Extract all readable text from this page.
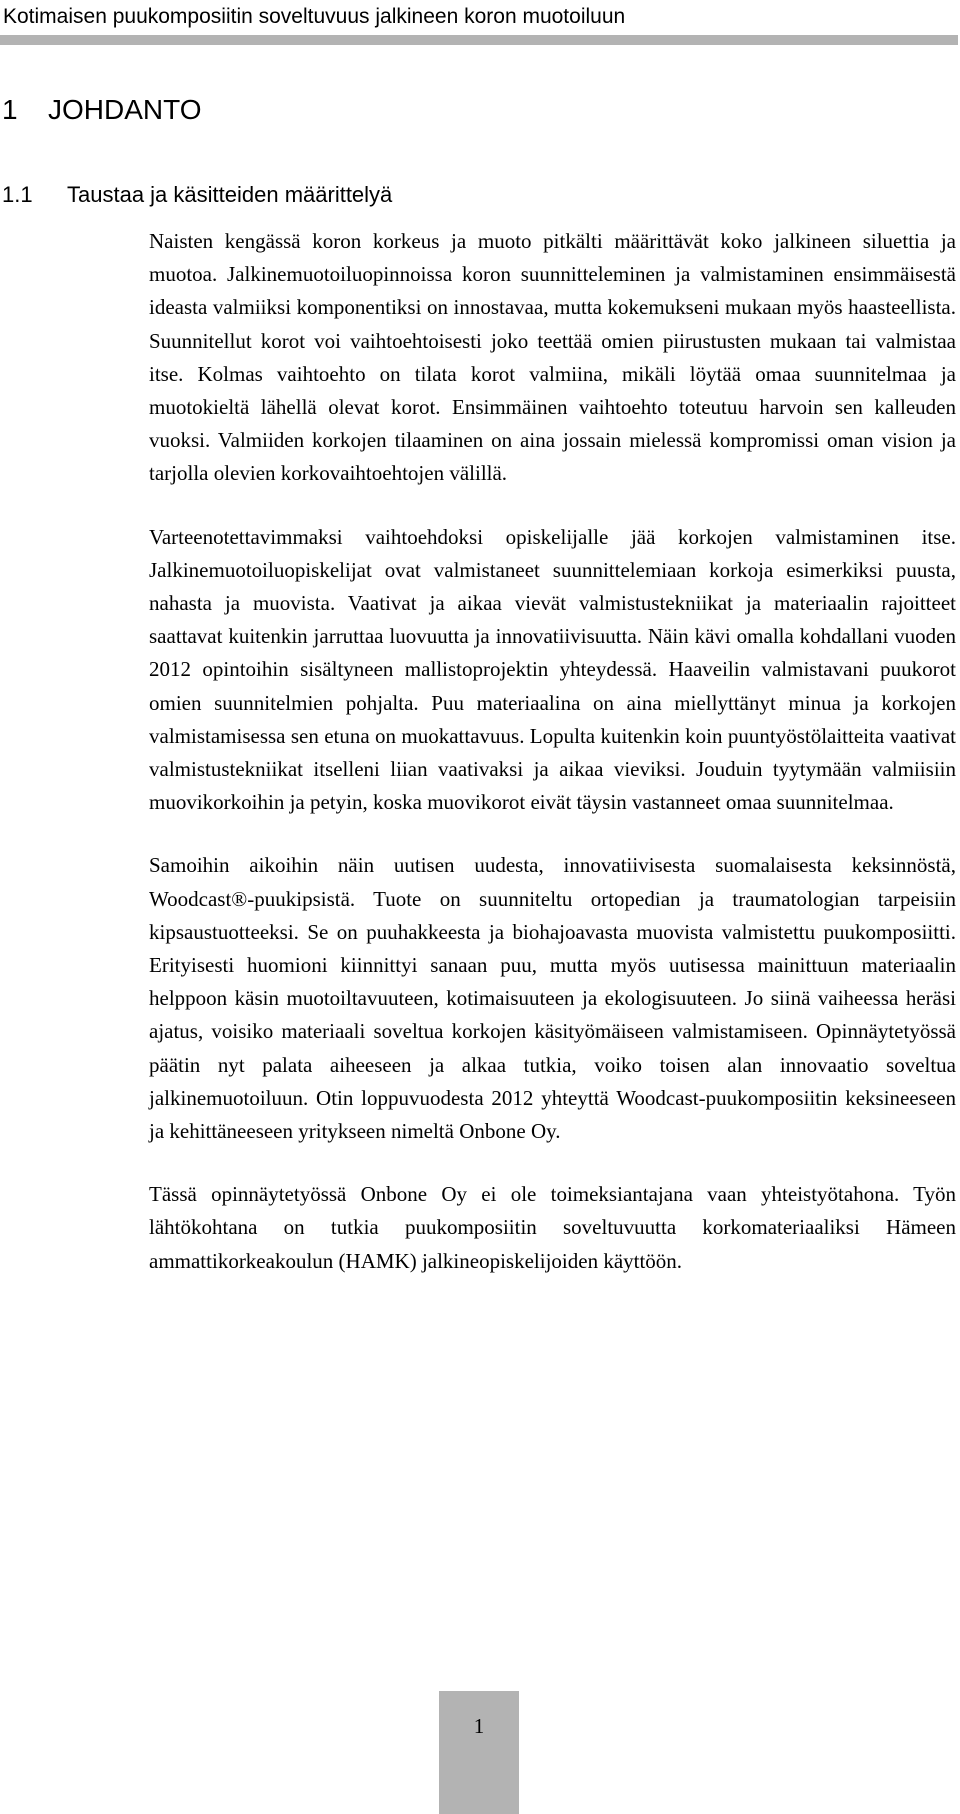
Kotimaisen puukomposiitin soveltuvuus jalkineen koron muotoiluun
1 JOHDANTO
1.1 Taustaa ja käsitteiden määrittelyä

Naisten kengässä koron korkeus ja muoto pitkälti määrittävät koko jalkineen siluettia ja muotoa. Jalkinemuotoiluopinnoissa koron suunnitteleminen ja valmistaminen ensimmäisestä ideasta valmiiksi komponentiksi on innostavaa, mutta kokemukseni mukaan myös haasteellista. Suunnitellut korot voi vaihtoehtoisesti joko teettää omien piirustusten mukaan tai valmistaa itse. Kolmas vaihtoehto on tilata korot valmiina, mikäli löytää omaa suunnitelmaa ja muotokieltä lähellä olevat korot. Ensimmäinen vaihtoehto toteutuu harvoin sen kalleuden vuoksi. Valmiiden korkojen tilaaminen on aina jossain mielessä kompromissi oman vision ja tarjolla olevien korkovaihtoehtojen välillä.

Varteenotettavimmaksi vaihtoehdoksi opiskelijalle jää korkojen valmistaminen itse. Jalkinemuotoiluopiskelijat ovat valmistaneet suunnittelemiaan korkoja esimerkiksi puusta, nahasta ja muovista. Vaativat ja aikaa vievät valmistustekniikat ja materiaalin rajoitteet saattavat kuitenkin jarruttaa luovuutta ja innovatiivisuutta. Näin kävi omalla kohdallani vuoden 2012 opintoihin sisältyneen mallistoprojektin yhteydessä. Haaveilin valmistavani puukorot omien suunnitelmien pohjalta. Puu materiaalina on aina miellyttänyt minua ja korkojen valmistamisessa sen etuna on muokattavuus. Lopulta kuitenkin koin puuntyöstölaitteita vaativat valmistustekniikat itselleni liian vaativaksi ja aikaa vieviksi. Jouduin tyytymään valmiisiin muovikorkoihin ja petyin, koska muovikorot eivät täysin vastanneet omaa suunnitelmaa.

Samoihin aikoihin näin uutisen uudesta, innovatiivisesta suomalaisesta keksinnöstä, Woodcast®-puukipsistä. Tuote on suunniteltu ortopedian ja traumatologian tarpeisiin kipsaustuotteeksi. Se on puuhakkeesta ja biohajoavasta muovista valmistettu puukomposiitti. Erityisesti huomioni kiinnittyi sanaan puu, mutta myös uutisessa mainittuun materiaalin helppoon käsin muotoiltavuuteen, kotimaisuuteen ja ekologisuuteen. Jo siinä vaiheessa heräsi ajatus, voisiko materiaali soveltua korkojen käsityömäiseen valmistamiseen. Opinnäytetyössä päätin nyt palata aiheeseen ja alkaa tutkia, voiko toisen alan innovaatio soveltua jalkinemuotoiluun. Otin loppuvuodesta 2012 yhteyttä Woodcast-puukomposiitin keksineeseen ja kehittäneeseen yritykseen nimeltä Onbone Oy.

Tässä opinnäytetyössä Onbone Oy ei ole toimeksiantajana vaan yhteistyötahona. Työn lähtökohtana on tutkia puukomposiitin soveltuvuutta korkomateriaaliksi Hämeen ammattikorkeakoulun (HAMK) jalkineopiskelijoiden käyttöön.

1
